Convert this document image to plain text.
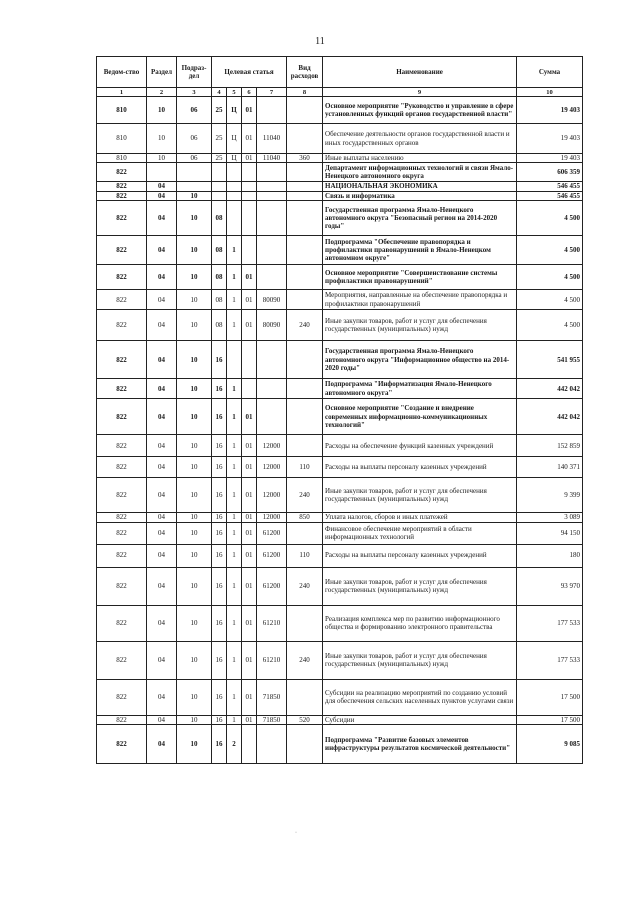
11
Ведом-ство	Раздел	Подраз-дел	Целевая статья				Вид расходов	Наименование	Сумма
1	2	3	4	5	6	7	8	9	10
810	10	06	25	Ц	01			Основное мероприятие "Руководство и управление в сфере установленных функций органов государственной власти"	19 403
810	10	06	25	Ц	01	11040		Обеспечение деятельности органов государственной власти и иных государственных органов	19 403
810	10	06	25	Ц	01	11040	360	Иные выплаты населению	19 403
822								Департамент информационных технологий и связи Ямало-Ненецкого автономного округа	606 359
822	04							НАЦИОНАЛЬНАЯ ЭКОНОМИКА	546 455
822	04	10						Связь и информатика	546 455
822	04	10	08					Государственная программа Ямало-Ненецкого автономного округа "Безопасный регион на 2014-2020 годы"	4 500
822	04	10	08	1				Подпрограмма "Обеспечение правопорядка и профилактики правонарушений в Ямало-Ненецком автономном округе"	4 500
822	04	10	08	1	01			Основное мероприятие "Совершенствование системы профилактики правонарушений"	4 500
822	04	10	08	1	01	80090		Мероприятия, направленные на обеспечение правопорядка и профилактики правонарушений	4 500
822	04	10	08	1	01	80090	240	Иные закупки товаров, работ и услуг для обеспечения государственных (муниципальных) нужд	4 500
822	04	10	16					Государственная программа Ямало-Ненецкого автономного округа "Информационное общество на 2014-2020 годы"	541 955
822	04	10	16	1				Подпрограмма "Информатизация Ямало-Ненецкого автономного округа"	442 042
822	04	10	16	1	01			Основное мероприятие "Создание и внедрение современных информационно-коммуникационных технологий"	442 042
822	04	10	16	1	01	12000		Расходы на обеспечение функций казенных учреждений	152 859
822	04	10	16	1	01	12000	110	Расходы на выплаты персоналу казенных учреждений	140 371
822	04	10	16	1	01	12000	240	Иные закупки товаров, работ и услуг для обеспечения государственных (муниципальных) нужд	9 399
822	04	10	16	1	01	12000	850	Уплата налогов, сборов и иных платежей	3 089
822	04	10	16	1	01	61200		Финансовое обеспечение мероприятий в области информационных технологий	94 150
822	04	10	16	1	01	61200	110	Расходы на выплаты персоналу казенных учреждений	180
822	04	10	16	1	01	61200	240	Иные закупки товаров, работ и услуг для обеспечения государственных (муниципальных) нужд	93 970
822	04	10	16	1	01	61210		Реализация комплекса мер по развитию информационного общества и формированию электронного правительства	177 533
822	04	10	16	1	01	61210	240	Иные закупки товаров, работ и услуг для обеспечения государственных (муниципальных) нужд	177 533
822	04	10	16	1	01	71850		Субсидии на реализацию мероприятий по созданию условий для обеспечения сельских населенных пунктов услугами связи	17 500
822	04	10	16	1	01	71850	520	Субсидии	17 500
822	04	10	16	2				Подпрограмма "Развитие базовых элементов инфраструктуры результатов космической деятельности"	9 085
·
